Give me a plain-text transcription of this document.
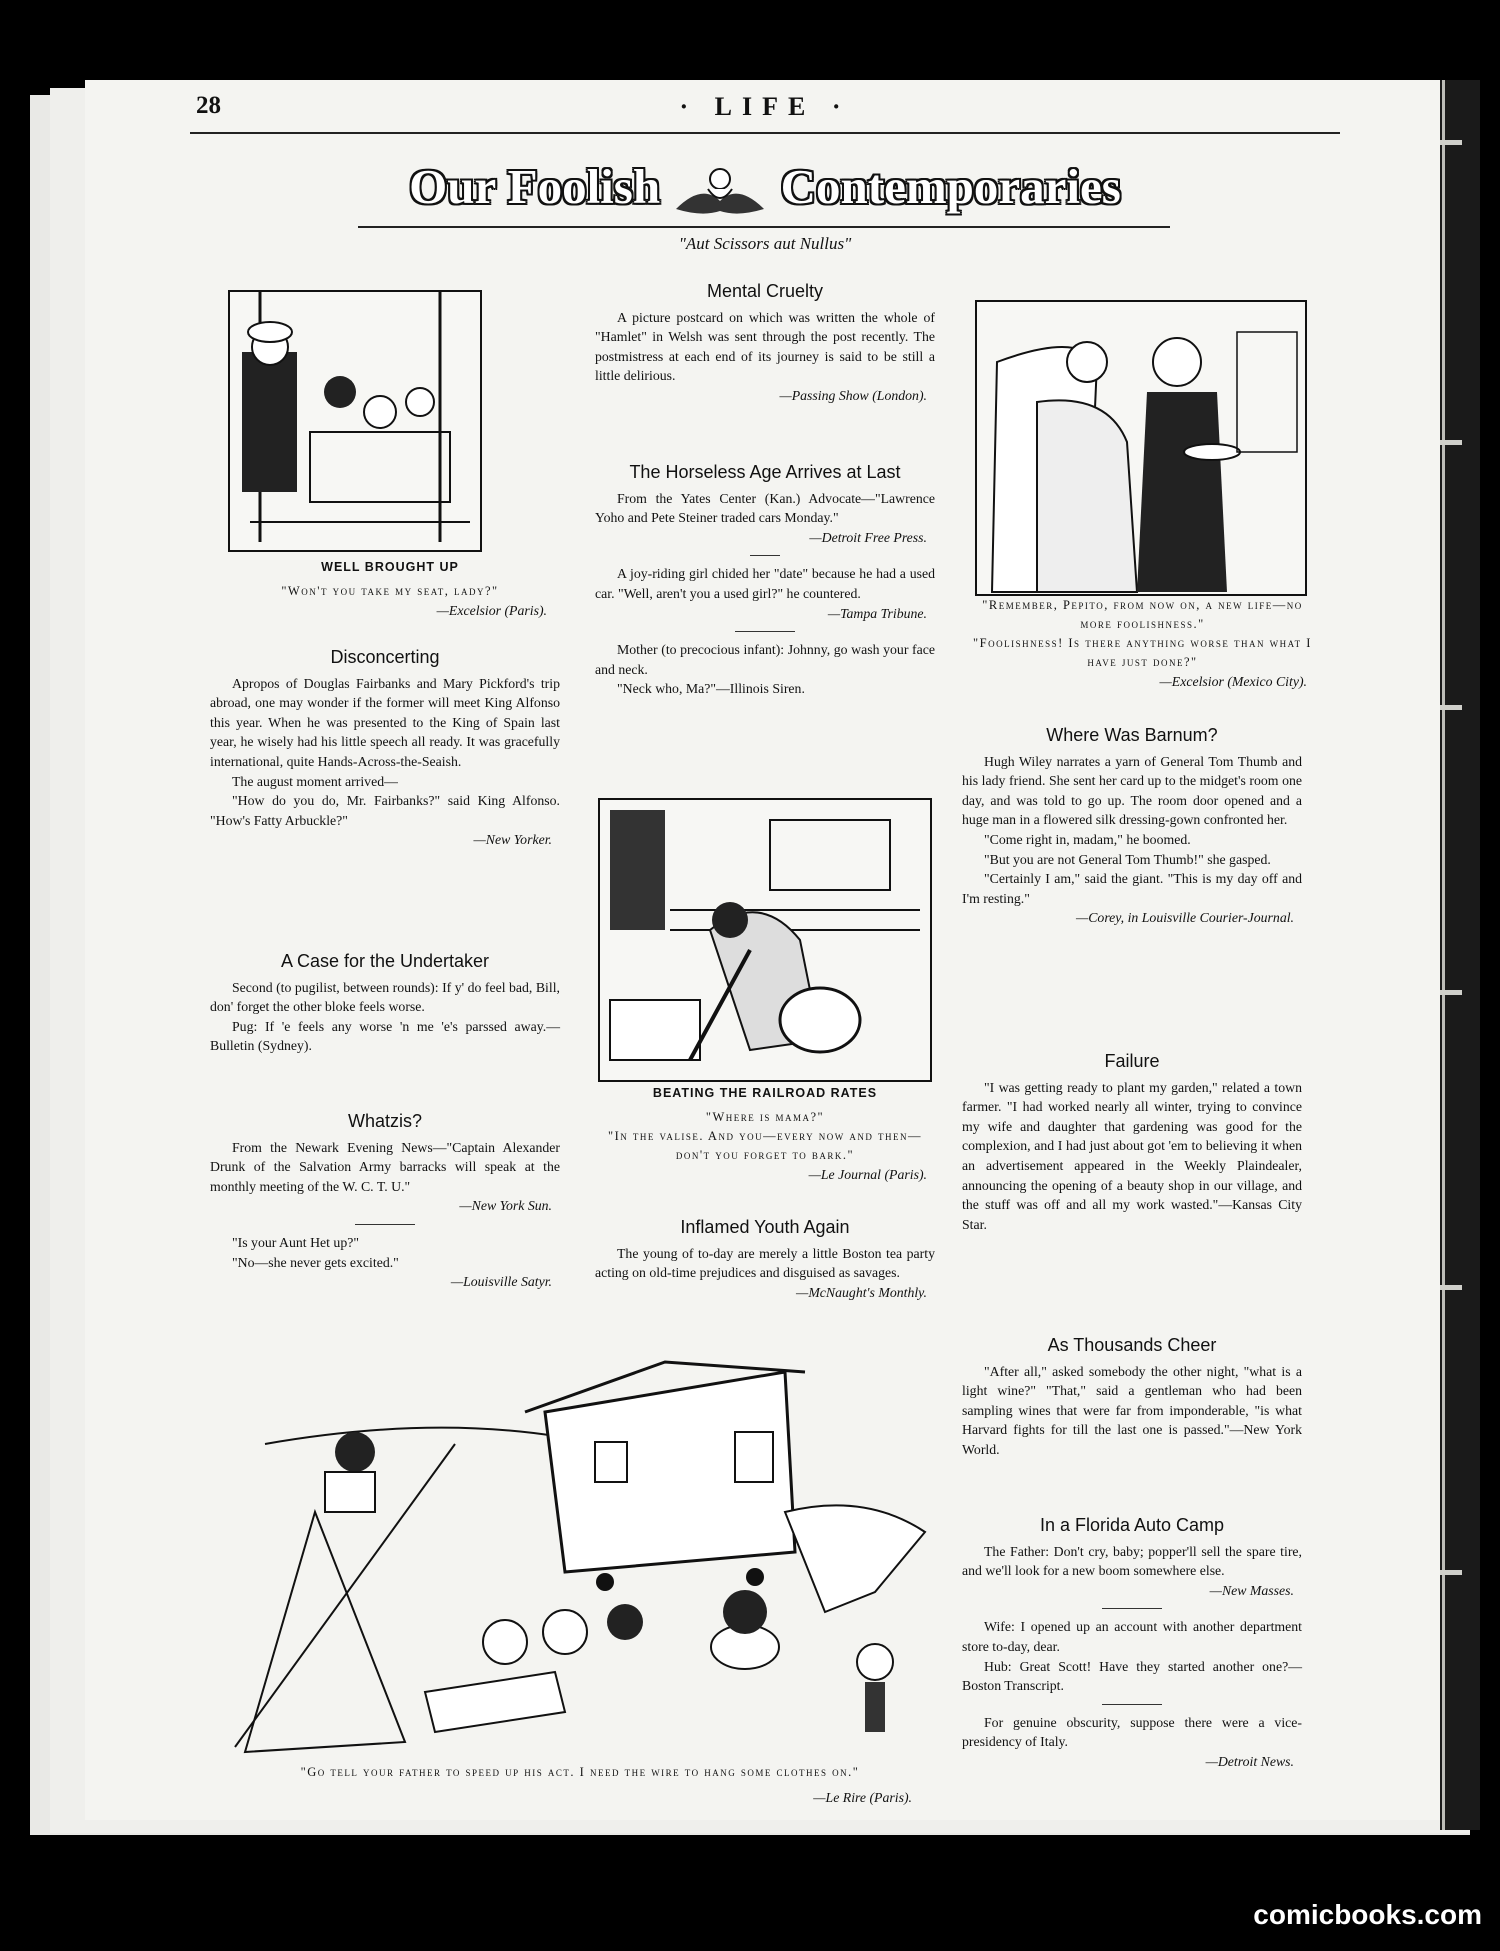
28	· LIFE ·
Our Foolish Contemporaries
"Aut Scissors aut Nullus"
WELL BROUGHT UP
"Won't you take my seat, lady?"

—Excelsior (Paris).

Disconcerting

Apropos of Douglas Fairbanks and Mary Pickford's trip abroad, one may wonder if the former will meet King Alfonso this year. When he was presented to the King of Spain last year, he wisely had his little speech all ready. It was gracefully international, quite Hands-Across-the-Seaish.

The august moment arrived—

"How do you do, Mr. Fairbanks?" said King Alfonso. "How's Fatty Arbuckle?"

—New Yorker.

A Case for the Undertaker

Second (to pugilist, between rounds): If y' do feel bad, Bill, don' forget the other bloke feels worse.

Pug: If 'e feels any worse 'n me 'e's parssed away.—Bulletin (Sydney).

Whatzis?

From the Newark Evening News—"Captain Alexander Drunk of the Salvation Army barracks will speak at the monthly meeting of the W. C. T. U."

—New York Sun.

"Is your Aunt Het up?"

"No—she never gets excited."

—Louisville Satyr.

Mental Cruelty

A picture postcard on which was written the whole of "Hamlet" in Welsh was sent through the post recently. The postmistress at each end of its journey is said to be still a little delirious.

—Passing Show (London).

The Horseless Age Arrives at Last

From the Yates Center (Kan.) Advocate—"Lawrence Yoho and Pete Steiner traded cars Monday."

—Detroit Free Press.

A joy-riding girl chided her "date" because he had a used car. "Well, aren't you a used girl?" he countered.

—Tampa Tribune.

Mother (to precocious infant): Johnny, go wash your face and neck.

"Neck who, Ma?"—Illinois Siren.

BEATING THE RAILROAD RATES
"Where is mama?"
"In the valise. And you—every now and then—don't you forget to bark."

—Le Journal (Paris).

Inflamed Youth Again

The young of to-day are merely a little Boston tea party acting on old-time prejudices and disguised as savages.

—McNaught's Monthly.

"Remember, Pepito, from now on, a new life—no more foolishness."
"Foolishness! Is there anything worse than what I have just done?"

—Excelsior (Mexico City).

Where Was Barnum?

Hugh Wiley narrates a yarn of General Tom Thumb and his lady friend. She sent her card up to the midget's room one day, and was told to go up. The room door opened and a huge man in a flowered silk dressing-gown confronted her.

"Come right in, madam," he boomed.

"But you are not General Tom Thumb!" she gasped.

"Certainly I am," said the giant. "This is my day off and I'm resting."

—Corey, in Louisville Courier-Journal.

Failure

"I was getting ready to plant my garden," related a town farmer. "I had worked nearly all winter, trying to convince my wife and daughter that gardening was good for the complexion, and I had just about got 'em to believing it when an advertisement appeared in the Weekly Plaindealer, announcing the opening of a beauty shop in our village, and the stuff was off and all my work wasted."—Kansas City Star.

As Thousands Cheer

"After all," asked somebody the other night, "what is a light wine?" "That," said a gentleman who had been sampling wines that were far from imponderable, "is what Harvard fights for till the last one is passed."—New York World.

In a Florida Auto Camp

The Father: Don't cry, baby; popper'll sell the spare tire, and we'll look for a new boom somewhere else.

—New Masses.

Wife: I opened up an account with another department store to-day, dear.

Hub: Great Scott! Have they started another one?—Boston Transcript.

For genuine obscurity, suppose there were a vice-presidency of Italy.

—Detroit News.

"Go tell your father to speed up his act. I need the wire to hang some clothes on."

—Le Rire (Paris).

comicbooks.com
